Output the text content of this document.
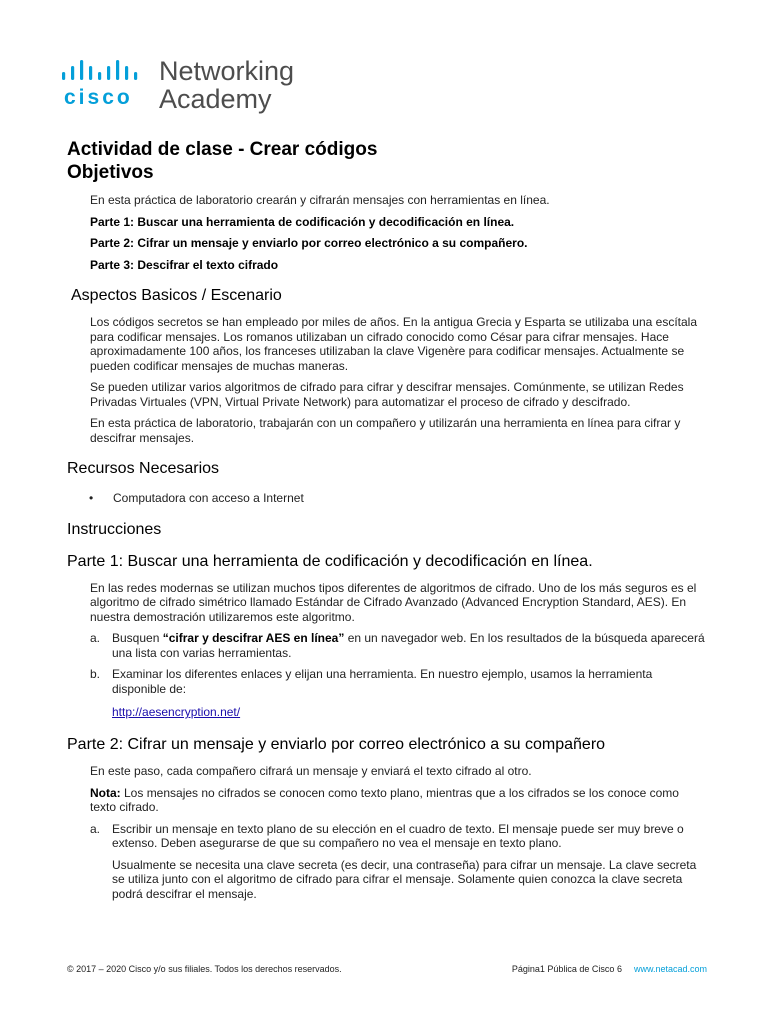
cisco
Networking
Academy
Actividad de clase - Crear códigos
Objetivos

En esta práctica de laboratorio crearán y cifrarán mensajes con herramientas en línea.

Parte 1: Buscar una herramienta de codificación y decodificación en línea.

Parte 2: Cifrar un mensaje y enviarlo por correo electrónico a su compañero.

Parte 3: Descifrar el texto cifrado

Aspectos Basicos / Escenario

Los códigos secretos se han empleado por miles de años. En la antigua Grecia y Esparta se utilizaba una escítala para codificar mensajes. Los romanos utilizaban un cifrado conocido como César para cifrar mensajes. Hace aproximadamente 100 años, los franceses utilizaban la clave Vigenère para codificar mensajes. Actualmente se pueden codificar mensajes de muchas maneras.

Se pueden utilizar varios algoritmos de cifrado para cifrar y descifrar mensajes. Comúnmente, se utilizan Redes Privadas Virtuales (VPN, Virtual Private Network) para automatizar el proceso de cifrado y descifrado.

En esta práctica de laboratorio, trabajarán con un compañero y utilizarán una herramienta en línea para cifrar y descifrar mensajes.

Recursos Necesarios
•	Computadora con acceso a Internet
Instrucciones
Parte 1: Buscar una herramienta de codificación y decodificación en línea.

En las redes modernas se utilizan muchos tipos diferentes de algoritmos de cifrado. Uno de los más seguros es el algoritmo de cifrado simétrico llamado Estándar de Cifrado Avanzado (Advanced Encryption Standard, AES). En nuestra demostración utilizaremos este algoritmo.

a. Busquen “cifrar y descifrar AES en línea” en un navegador web. En los resultados de la búsqueda aparecerá una lista con varias herramientas.
b. Examinar los diferentes enlaces y elijan una herramienta. En nuestro ejemplo, usamos la herramienta disponible de:
http://aesencryption.net/
Parte 2: Cifrar un mensaje y enviarlo por correo electrónico a su compañero

En este paso, cada compañero cifrará un mensaje y enviará el texto cifrado al otro.

Nota: Los mensajes no cifrados se conocen como texto plano, mientras que a los cifrados se los conoce como texto cifrado.

a. Escribir un mensaje en texto plano de su elección en el cuadro de texto. El mensaje puede ser muy breve o extenso. Deben asegurarse de que su compañero no vea el mensaje en texto plano.

Usualmente se necesita una clave secreta (es decir, una contraseña) para cifrar un mensaje. La clave secreta se utiliza junto con el algoritmo de cifrado para cifrar el mensaje. Solamente quien conozca la clave secreta podrá descifrar el mensaje.

© 2017 – 2020 Cisco y/o sus filiales. Todos los derechos reservados.	Página1 Pública de Cisco 6 www.netacad.com
